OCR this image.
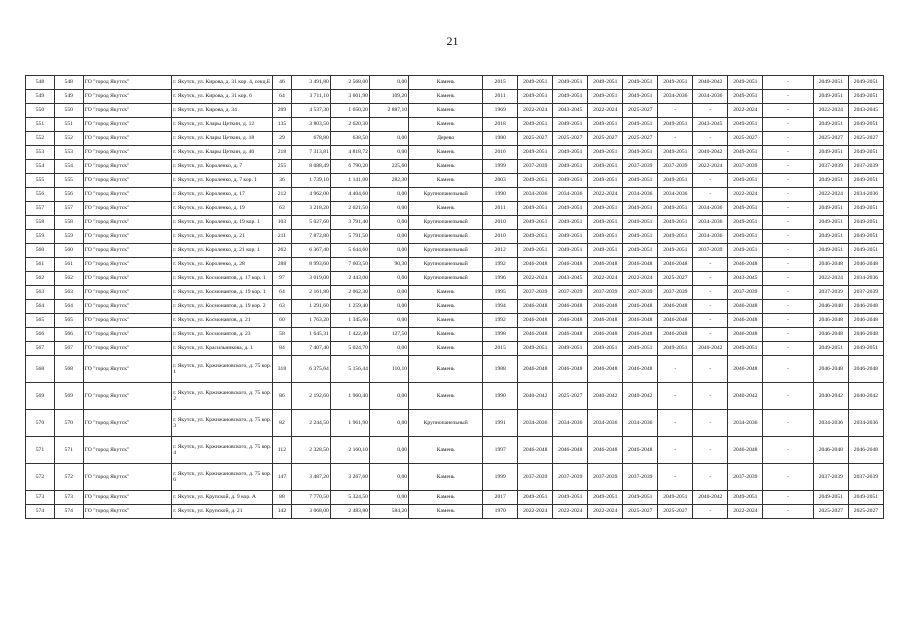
21
548	548	ГО "город Якутск"	г. Якутск, ул. Кирова, д. 31 кор. 4, секц.Е	46	3 491,80	2 568,00	0,00	Камень	2015	2049-2051	2049-2051	2049-2051	2049-2051	2049-2051	2040-2042	2049-2051	-	2049-2051	2049-2051
549	549	ГО "город Якутск"	г. Якутск, ул. Кирова, д. 31 кор. 6	64	3 711,10	3 601,90	109,20	Камень	2011	2049-2051	2049-2051	2049-2051	2049-2051	2034-2036	2034-2036	2049-2051	-	2049-2051	2049-2051
550	550	ГО "город Якутск"	г. Якутск, ул. Кирова, д. 34	209	4 537,30	1 650,20	2 887,10	Камень	1969	2022-2024	2043-2045	2022-2024	2025-2027	-	-	2022-2024	-	2022-2024	2043-2045
551	551	ГО "город Якутск"	г. Якутск, ул. Клары Цеткин, д. 12	135	3 803,50	2 620,30		Камень	2018	2049-2051	2049-2051	2049-2051	2049-2051	2049-2051	2043-2045	2049-2051	-	2049-2051	2049-2051
552	552	ГО "город Якутск"	г. Якутск, ул. Клары Цеткин, д. 18	29	678,80	638,50	0,00	Дерево	1980	2025-2027	2025-2027	2025-2027	2025-2027	-	-	2025-2027	-	2025-2027	2025-2027
553	553	ГО "город Якутск"	г. Якутск, ул. Клары Цеткин, д. 40	218	7 313,81	4 818,72	0,00	Камень	2016	2049-2051	2049-2051	2049-2051	2049-2051	2049-2051	2040-2042	2049-2051	-	2049-2051	2049-2051
554	554	ГО "город Якутск"	г. Якутск, ул. Короленко, д. 7	255	8 088,49	6 790,20	225,60	Камень	1999	2037-2039	2049-2051	2049-2051	2037-2039	2037-2039	2022-2024	2037-2039	-	2037-2039	2037-2039
555	555	ГО "город Якутск"	г. Якутск, ул. Короленко, д. 7 кор. 1	36	1 739,10	1 141,00	282,30	Камень	2003	2049-2051	2049-2051	2049-2051	2049-2051	2049-2051	-	2049-2051	-	2049-2051	2049-2051
556	556	ГО "город Якутск"	г. Якутск, ул. Короленко, д. 17	212	4 962,00	4 404,60	0,00	Крупнопанельный	1990	2034-2036	2034-2036	2022-2024	2034-2036	2034-2036	-	2022-2024	-	2022-2024	2034-2036
557	557	ГО "город Якутск"	г. Якутск, ул. Короленко, д. 19	63	3 218,20	2 621,50	0,00	Камень	2011	2049-2051	2049-2051	2049-2051	2049-2051	2049-2051	2034-2036	2049-2051	-	2049-2051	2049-2051
558	558	ГО "город Якутск"	г. Якутск, ул. Короленко, д. 19 кор. 1	103	5 027,60	3 791,40	0,00	Крупнопанельный	2010	2049-2051	2049-2051	2049-2051	2049-2051	2049-2051	2034-2036	2049-2051	-	2049-2051	2049-2051
559	559	ГО "город Якутск"	г. Якутск, ул. Короленко, д. 21	211	7 872,80	5 791,50	0,00	Крупнопанельный	2010	2049-2051	2049-2051	2049-2051	2049-2051	2049-2051	2034-2036	2049-2051	-	2049-2051	2049-2051
560	560	ГО "город Якутск"	г. Якутск, ул. Короленко, д. 21 кор. 1	262	6 367,40	5 644,60	0,00	Крупнопанельный	2012	2049-2051	2049-2051	2049-2051	2049-2051	2049-2051	2037-2039	2049-2051	-	2049-2051	2049-2051
561	561	ГО "город Якутск"	г. Якутск, ул. Короленко, д. 28	288	8 993,60	7 603,50	90,30	Крупнопанельный	1992	2046-2048	2046-2048	2046-2048	2046-2048	2046-2048	-	2046-2048	-	2046-2048	2046-2048
562	562	ГО "город Якутск"	г. Якутск, ул. Космонавтов, д. 17 кор. 1	97	3 019,00	2 443,00	0,00	Крупнопанельный	1996	2022-2024	2043-2045	2022-2024	2022-2024	2025-2027	-	2043-2045	-	2022-2024	2034-2036
563	563	ГО "город Якутск"	г. Якутск, ул. Космонавтов, д. 19 кор. 1	64	2 161,80	2 062,30	0,00	Камень	1995	2037-2039	2037-2039	2037-2039	2037-2039	2037-2039	-	2037-2039	-	2037-2039	2037-2039
564	564	ГО "город Якутск"	г. Якутск, ул. Космонавтов, д. 19 кор. 2	63	1 291,60	1 259,40	0,00	Камень	1994	2046-2048	2046-2048	2046-2048	2046-2048	2046-2048	-	2046-2048	-	2046-2048	2046-2048
565	565	ГО "город Якутск"	г. Якутск, ул. Космонавтов, д. 21	60	1 763,20	1 345,60	0,00	Камень	1992	2046-2048	2046-2048	2046-2048	2046-2048	2046-2048	-	2046-2048	-	2046-2048	2046-2048
566	566	ГО "город Якутск"	г. Якутск, ул. Космонавтов, д. 23	58	1 645,31	1 422,40	127,50	Камень	1998	2046-2048	2046-2048	2046-2048	2046-2048	2046-2048	-	2046-2048	-	2046-2048	2046-2048
567	567	ГО "город Якутск"	г. Якутск, ул. Красильникова, д. 1	84	7 407,40	5 024,70	0,00	Камень	2015	2049-2051	2049-2051	2049-2051	2049-2051	2049-2051	2040-2042	2049-2051	-	2049-2051	2049-2051
568	568	ГО "город Якутск"	г. Якутск, ул. Кржижановского, д. 75 кор. 1	318	6 375,64	5 156,44	110,10	Камень	1988	2046-2048	2046-2048	2046-2048	2046-2048	-	-	2046-2048	-	2046-2048	2046-2048
569	569	ГО "город Якутск"	г. Якутск, ул. Кржижановского, д. 75 кор. 2	86	2 192,60	1 960,40	0,00	Камень	1990	2040-2042	2025-2027	2040-2042	2040-2042	-	-	2040-2042	-	2040-2042	2040-2042
570	570	ГО "город Якутск"	г. Якутск, ул. Кржижановского, д. 75 кор. 3	82	2 244,50	1 961,90	0,00	Крупнопанельный	1991	2034-2036	2034-2036	2034-2036	2034-2036	-	-	2034-2036	-	2034-2036	2034-2036
571	571	ГО "город Якутск"	г. Якутск, ул. Кржижановского, д. 75 кор. 4	112	2 328,50	2 160,10	0,00	Камень	1997	2046-2048	2046-2048	2046-2048	2046-2048	-	-	2046-2048	-	2046-2048	2046-2048
572	572	ГО "город Якутск"	г. Якутск, ул. Кржижановского, д. 75 кор. 6	147	3 487,20	3 267,60	0,00	Камень	1999	2037-2039	2037-2039	2037-2039	2037-2039	-	-	2037-2039	-	2037-2039	2037-2039
573	573	ГО "город Якутск"	г. Якутск, ул. Крупской, д. 9 кор. А	88	7 770,50	5 324,50	0,00	Камень	2017	2049-2051	2049-2051	2049-2051	2049-2051	2049-2051	2040-2042	2049-2051	-	2049-2051	2049-2051
574	574	ГО "город Якутск"	г. Якутск, ул. Крупской, д. 21	142	3 068,00	2 483,80	584,20	Камень	1970	2022-2024	2022-2024	2022-2024	2025-2027	2025-2027	-	2022-2024	-	2025-2027	2025-2027
